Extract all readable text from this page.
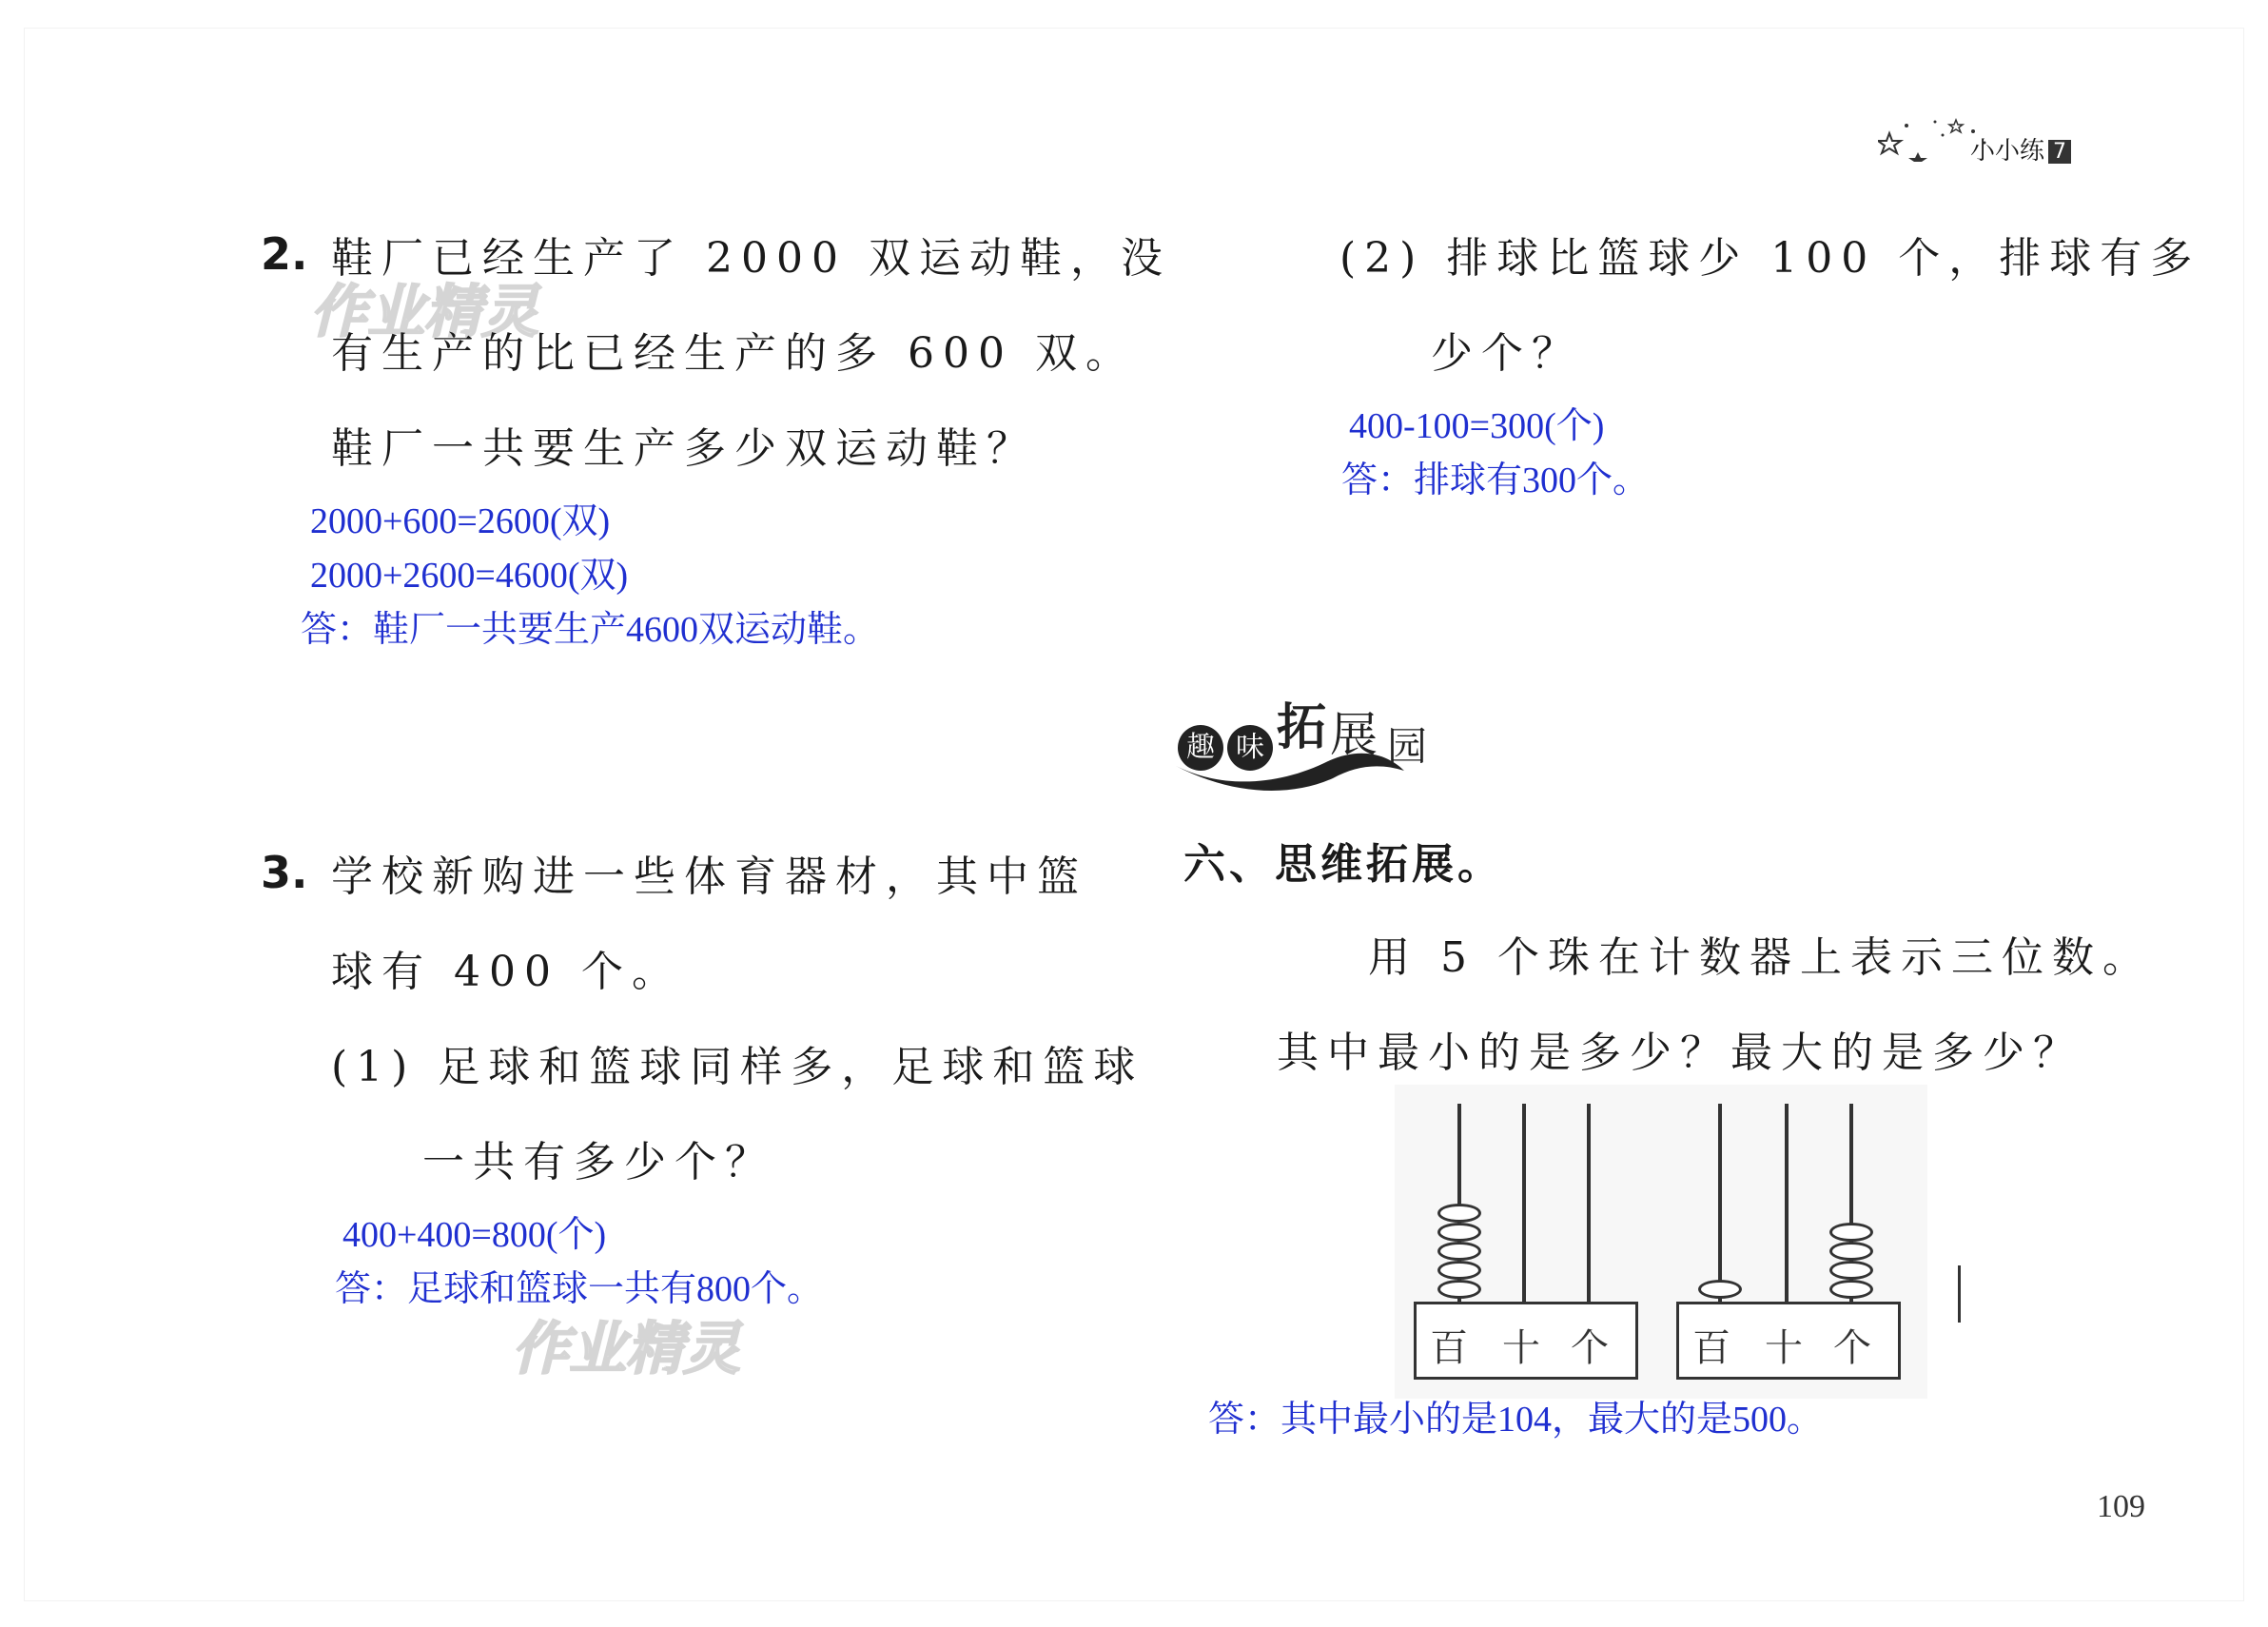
小小练 7
作业精灵
作业精灵
2. 鞋厂已经生产了 2000 双运动鞋，没
有生产的比已经生产的多 600 双。
鞋厂一共要生产多少双运动鞋？
2000+600=2600(双)
2000+2600=4600(双)
答：鞋厂一共要生产4600双运动鞋。
3. 学校新购进一些体育器材，其中篮
球有 400 个。
(1) 足球和篮球同样多，足球和篮球
一共有多少个？
400+400=800(个)
答：足球和篮球一共有800个。
(2) 排球比篮球少 100 个，排球有多
少个？
400-100=300(个)
答：排球有300个。
趣 味 拓 展 园
六、思维拓展。
用 5 个珠在计数器上表示三位数。
其中最小的是多少？最大的是多少？
百 十 个 百 十 个
答：其中最小的是104，最大的是500。
109
